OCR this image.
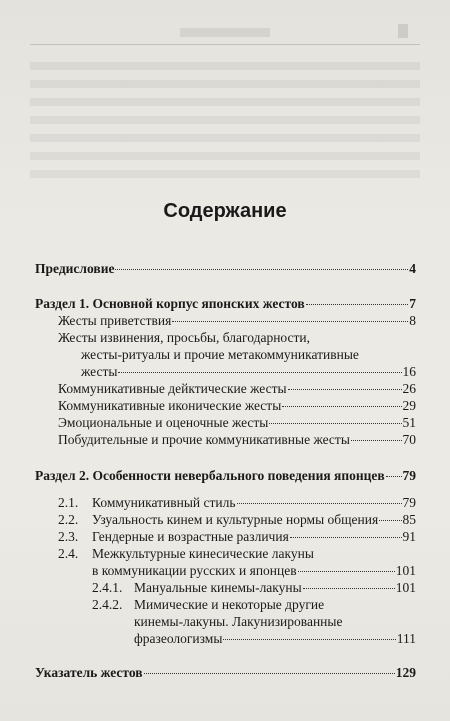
Содержание
Предисловие	4
Раздел 1. Основной корпус японских жестов	7
Жесты приветствия	8
Жесты извинения, просьбы, благодарности,
жесты-ритуалы и прочие метакоммуникативные
жесты	16
Коммуникативные дейктические жесты	26
Коммуникативные иконические жесты	29
Эмоциональные и оценочные жесты	51
Побудительные и прочие коммуникативные жесты	70
Раздел 2. Особенности невербального поведения японцев 79
2.1.	Коммуникативный стиль	79
2.2.	Узуальность кинем и культурные нормы общения 85
2.3.	Гендерные и возрастные различия	91
2.4.	Межкультурные кинесические лакуны
в коммуникации русских и японцев	101
2.4.1. Мануальные кинемы-лакуны	101
2.4.2. Мимические и некоторые другие
кинемы-лакуны. Лакунизированные
фразеологизмы	111
Указатель жестов	129
